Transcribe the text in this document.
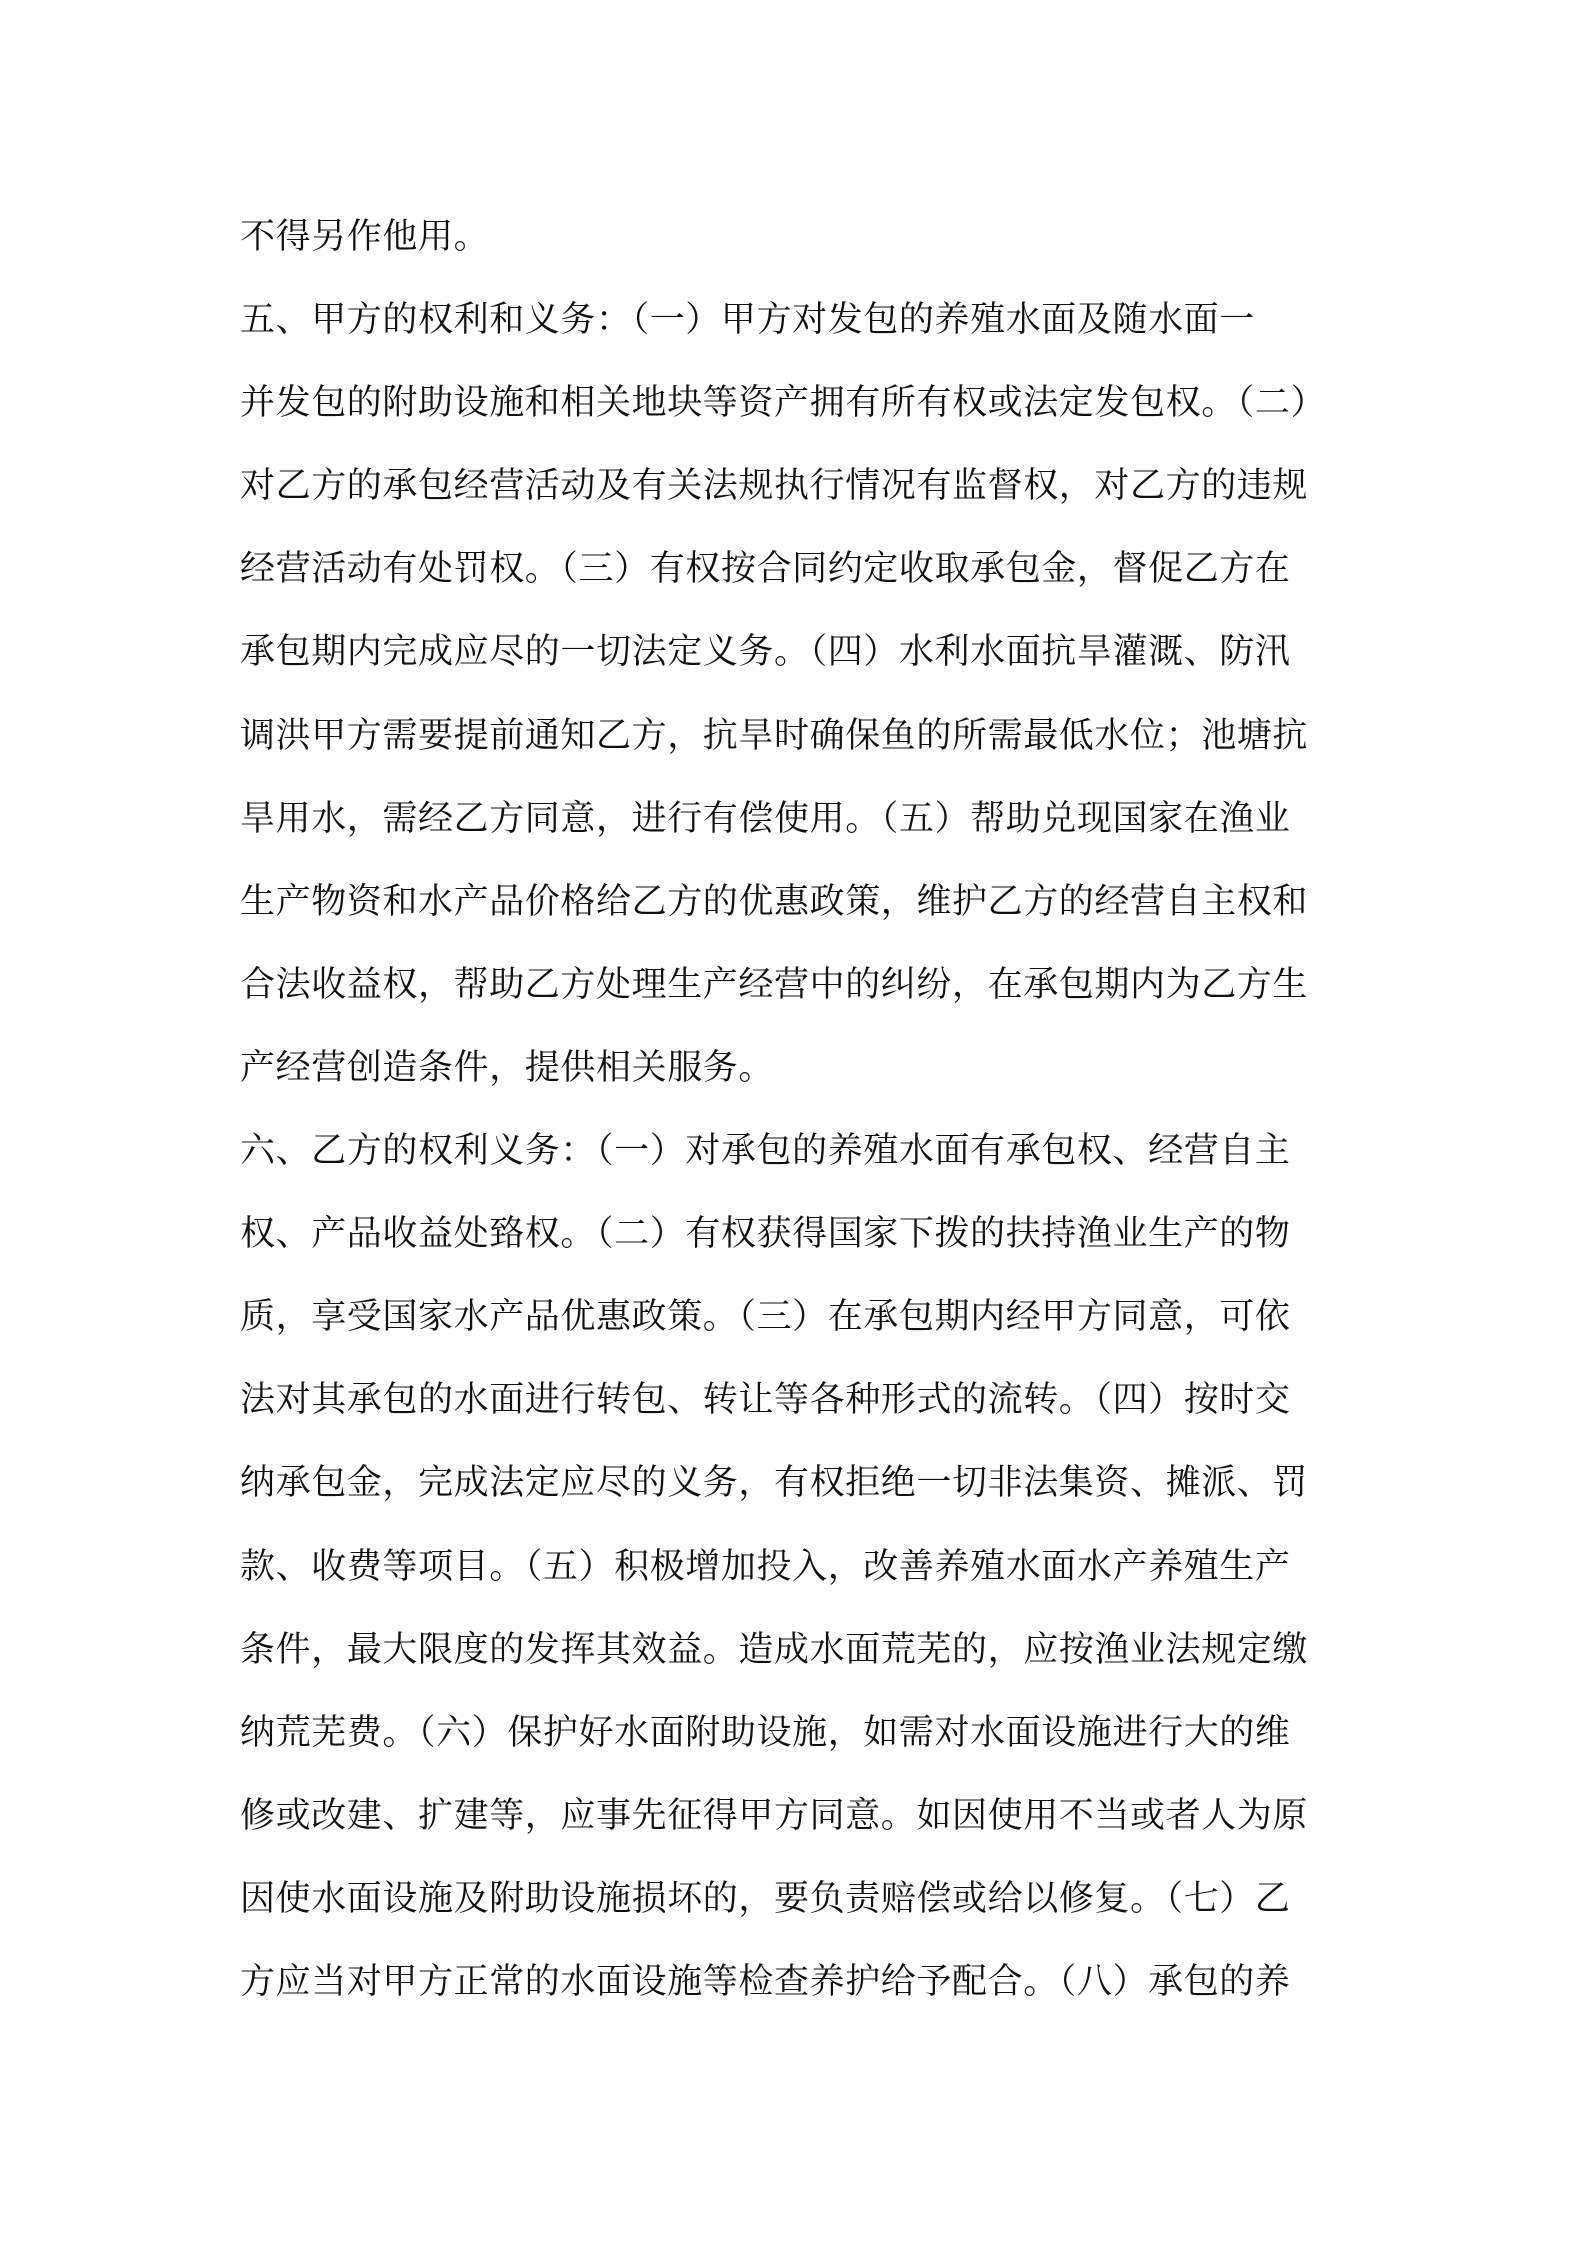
不得另作他用。
五、甲方的权利和义务：（一）甲方对发包的养殖水面及随水面一
并发包的附助设施和相关地块等资产拥有所有权或法定发包权。（二）
对乙方的承包经营活动及有关法规执行情况有监督权，对乙方的违规
经营活动有处罚权。（三）有权按合同约定收取承包金，督促乙方在
承包期内完成应尽的一切法定义务。（四）水利水面抗旱灌溉、防汛
调洪甲方需要提前通知乙方，抗旱时确保鱼的所需最低水位；池塘抗
旱用水，需经乙方同意，进行有偿使用。（五）帮助兑现国家在渔业
生产物资和水产品价格给乙方的优惠政策，维护乙方的经营自主权和
合法收益权，帮助乙方处理生产经营中的纠纷，在承包期内为乙方生
产经营创造条件，提供相关服务。
六、乙方的权利义务：（一）对承包的养殖水面有承包权、经营自主
权、产品收益处臵权。（二）有权获得国家下拨的扶持渔业生产的物
质，享受国家水产品优惠政策。（三）在承包期内经甲方同意，可依
法对其承包的水面进行转包、转让等各种形式的流转。（四）按时交
纳承包金，完成法定应尽的义务，有权拒绝一切非法集资、摊派、罚
款、收费等项目。（五）积极增加投入，改善养殖水面水产养殖生产
条件，最大限度的发挥其效益。造成水面荒芜的，应按渔业法规定缴
纳荒芜费。（六）保护好水面附助设施，如需对水面设施进行大的维
修或改建、扩建等，应事先征得甲方同意。如因使用不当或者人为原
因使水面设施及附助设施损坏的，要负责赔偿或给以修复。（七）乙
方应当对甲方正常的水面设施等检查养护给予配合。（八）承包的养
